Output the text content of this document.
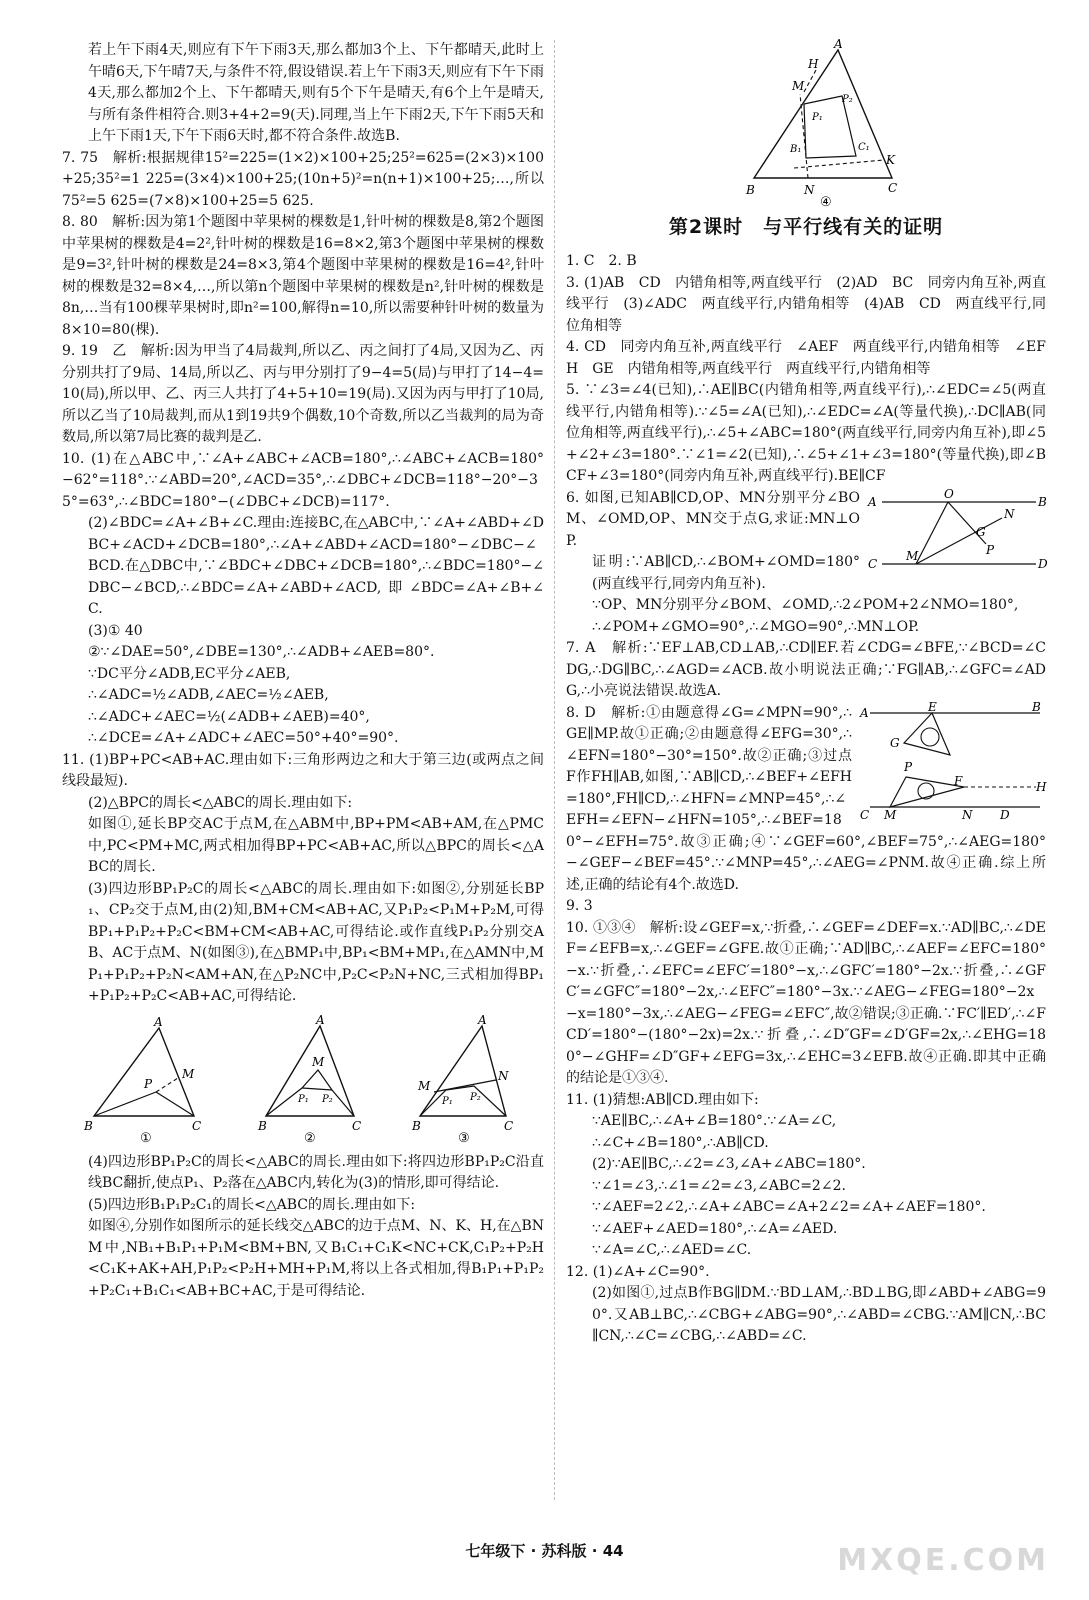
若上午下雨4天,则应有下午下雨3天,那么都加3个上、下午都晴天,此时上午晴6天,下午晴7天,与条件不符,假设错误.若上午下雨3天,则应有下午下雨4天,那么都加2个上、下午都晴天,则有5个下午是晴天,有6个上午是晴天,与所有条件相符合.则3+4+2=9(天).同理,当上午下雨2天,下午下雨5天和上午下雨1天,下午下雨6天时,都不符合条件.故选B.

7. 75　解析:根据规律15²=225=(1×2)×100+25;25²=625=(2×3)×100+25;35²=1 225=(3×4)×100+25;(10n+5)²=n(n+1)×100+25;…,所以75²=5 625=(7×8)×100+25=5 625.

8. 80　解析:因为第1个题图中苹果树的棵数是1,针叶树的棵数是8,第2个题图中苹果树的棵数是4=2²,针叶树的棵数是16=8×2,第3个题图中苹果树的棵数是9=3²,针叶树的棵数是24=8×3,第4个题图中苹果树的棵数是16=4²,针叶树的棵数是32=8×4,…,所以第n个题图中苹果树的棵数是n²,针叶树的棵数是8n,…当有100棵苹果树时,即n²=100,解得n=10,所以需要种针叶树的数量为8×10=80(棵).

9. 19　乙　解析:因为甲当了4局裁判,所以乙、丙之间打了4局,又因为乙、丙分别共打了9局、14局,所以乙、丙与甲分别打了9−4=5(局)与甲打了14−4=10(局),所以甲、乙、丙三人共打了4+5+10=19(局).又因为丙与甲打了10局,所以乙当了10局裁判,而从1到19共9个偶数,10个奇数,所以乙当裁判的局为奇数局,所以第7局比赛的裁判是乙.

10. (1)在△ABC中,∵∠A+∠ABC+∠ACB=180°,∴∠ABC+∠ACB=180°−62°=118°.∵∠ABD=20°,∠ACD=35°,∴∠DBC+∠DCB=118°−20°−35°=63°,∴∠BDC=180°−(∠DBC+∠DCB)=117°.

(2)∠BDC=∠A+∠B+∠C.理由:连接BC,在△ABC中,∵∠A+∠ABD+∠DBC+∠ACD+∠DCB=180°,∴∠A+∠ABD+∠ACD=180°−∠DBC−∠BCD.在△DBC中,∵∠BDC+∠DBC+∠DCB=180°,∴∠BDC=180°−∠DBC−∠BCD,∴∠BDC=∠A+∠ABD+∠ACD,即∠BDC=∠A+∠B+∠C.

(3)① 40

②∵∠DAE=50°,∠DBE=130°,∴∠ADB+∠AEB=80°.

∵DC平分∠ADB,EC平分∠AEB,

∴∠ADC=½∠ADB,∠AEC=½∠AEB,

∴∠ADC+∠AEC=½(∠ADB+∠AEB)=40°,

∴∠DCE=∠A+∠ADC+∠AEC=50°+40°=90°.

11. (1)BP+PC<AB+AC.理由如下:三角形两边之和大于第三边(或两点之间线段最短).

(2)△BPC的周长<△ABC的周长.理由如下:

如图①,延长BP交AC于点M,在△ABM中,BP+PM<AB+AM,在△PMC中,PC<PM+MC,两式相加得BP+PC<AB+AC,所以△BPC的周长<△ABC的周长.

(3)四边形BP₁P₂C的周长<△ABC的周长.理由如下:如图②,分别延长BP₁、CP₂交于点M,由(2)知,BM+CM<AB+AC,又P₁P₂<P₁M+P₂M,可得BP₁+P₁P₂+P₂C<BM+CM<AB+AC,可得结论.或作直线P₁P₂分别交AB、AC于点M、N(如图③),在△BMP₁中,BP₁<BM+MP₁,在△AMN中,MP₁+P₁P₂+P₂N<AM+AN,在△P₂NC中,P₂C<P₂N+NC,三式相加得BP₁+P₁P₂+P₂C<AB+AC,可得结论.

A
B	C
P
M
①
A
B	C
M
P₁ P₂
②
A
B	C
M
N
P₁ P₂
③

(4)四边形BP₁P₂C的周长<△ABC的周长.理由如下:将四边形BP₁P₂C沿直线BC翻折,使点P₁、P₂落在△ABC内,转化为(3)的情形,即可得结论.

(5)四边形B₁P₁P₂C₁的周长<△ABC的周长.理由如下:

如图④,分别作如图所示的延长线交△ABC的边于点M、N、K、H,在△BNM中,NB₁+B₁P₁+P₁M<BM+BN,又B₁C₁+C₁K<NC+CK,C₁P₂+P₂H<C₁K+AK+AH,P₁P₂<P₂H+MH+P₁M,将以上各式相加,得B₁P₁+P₁P₂+P₂C₁+B₁C₁<AB+BC+AC,于是可得结论.

A
B	C
N
H
M
K
P₁
P₂
B₁	C₁
④
第2课时　与平行线有关的证明

1. C　2. B

3. (1)AB　CD　内错角相等,两直线平行　(2)AD　BC　同旁内角互补,两直线平行　(3)∠ADC　两直线平行,内错角相等　(4)AB　CD　两直线平行,同位角相等

4. CD　同旁内角互补,两直线平行　∠AEF　两直线平行,内错角相等　∠EFH　GE　内错角相等,两直线平行　两直线平行,内错角相等

5. ∵∠3=∠4(已知),∴AE∥BC(内错角相等,两直线平行),∴∠EDC=∠5(两直线平行,内错角相等).∵∠5=∠A(已知),∴∠EDC=∠A(等量代换),∴DC∥AB(同位角相等,两直线平行),∴∠5+∠ABC=180°(两直线平行,同旁内角互补),即∠5+∠2+∠3=180°.∵∠1=∠2(已知),∴∠5+∠1+∠3=180°(等量代换),即∠BCF+∠3=180°(同旁内角互补,两直线平行).BE∥CF

A	B
C	D
O
M
N
G
P

6. 如图,已知AB∥CD,OP、MN分别平分∠BOM、∠OMD,OP、MN交于点G,求证:MN⊥OP.

证明:∵AB∥CD,∴∠BOM+∠OMD=180°(两直线平行,同旁内角互补).

∵OP、MN分别平分∠BOM、∠OMD,∴2∠POM+2∠NMO=180°,

∴∠POM+∠GMO=90°,∴∠MGO=90°,∴MN⊥OP.

7. A　解析:∵EF⊥AB,CD⊥AB,∴CD∥EF.若∠CDG=∠BFE,∵∠BCD=∠CDG,∴DG∥BC,∴∠AGD=∠ACB.故小明说法正确;∵FG∥AB,∴∠GFC=∠ADG,∴小亮说法错误.故选A.

A	E	B
G
P
F	H
C M	N D

8. D　解析:①由题意得∠G=∠MPN=90°,∴GE∥MP.故①正确;②由题意得∠EFG=30°,∴∠EFN=180°−30°=150°.故②正确;③过点F作FH∥AB,如图,∵AB∥CD,∴∠BEF+∠EFH=180°,FH∥CD,∴∠HFN=∠MNP=45°,∴∠EFH=∠EFN−∠HFN=105°,∴∠BEF=180°−∠EFH=75°.故③正确;④∵∠GEF=60°,∠BEF=75°,∴∠AEG=180°−∠GEF−∠BEF=45°.∵∠MNP=45°,∴∠AEG=∠PNM.故④正确.综上所述,正确的结论有4个.故选D.

9. 3

10. ①③④　解析:设∠GEF=x,∵折叠,∴∠GEF=∠DEF=x.∵AD∥BC,∴∠DEF=∠EFB=x,∴∠GEF=∠GFE.故①正确;∵AD∥BC,∴∠AEF=∠EFC=180°−x.∵折叠,∴∠EFC=∠EFC′=180°−x,∴∠GFC′=180°−2x.∵折叠,∴∠GFC′=∠GFC″=180°−2x,∴∠EFC″=180°−3x.∵∠AEG−∠FEG=180°−2x−x=180°−3x,∴∠AEG−∠FEG=∠EFC″,故②错误;③正确.∵FC′∥ED′,∴∠FCD′=180°−(180°−2x)=2x.∵折叠,∴∠D″GF=∠D′GF=2x,∴∠EHG=180°−∠GHF=∠D″GF+∠EFG=3x,∴∠EHC=3∠EFB.故④正确.即其中正确的结论是①③④.

11. (1)猜想:AB∥CD.理由如下:

∵AE∥BC,∴∠A+∠B=180°.∵∠A=∠C,

∴∠C+∠B=180°,∴AB∥CD.

(2)∵AE∥BC,∴∠2=∠3,∠A+∠ABC=180°.

∵∠1=∠3,∴∠1=∠2=∠3,∠ABC=2∠2.

∵∠AEF=2∠2,∴∠A+∠ABC=∠A+2∠2=∠A+∠AEF=180°.

∵∠AEF+∠AED=180°,∴∠A=∠AED.

∵∠A=∠C,∴∠AED=∠C.

12. (1)∠A+∠C=90°.

(2)如图①,过点B作BG∥DM.∵BD⊥AM,∴BD⊥BG,即∠ABD+∠ABG=90°.又AB⊥BC,∴∠CBG+∠ABG=90°,∴∠ABD=∠CBG.∵AM∥CN,∴BC∥CN,∴∠C=∠CBG,∴∠ABD=∠C.

七年级下 · 苏科版 · 44	MXQE.COM
